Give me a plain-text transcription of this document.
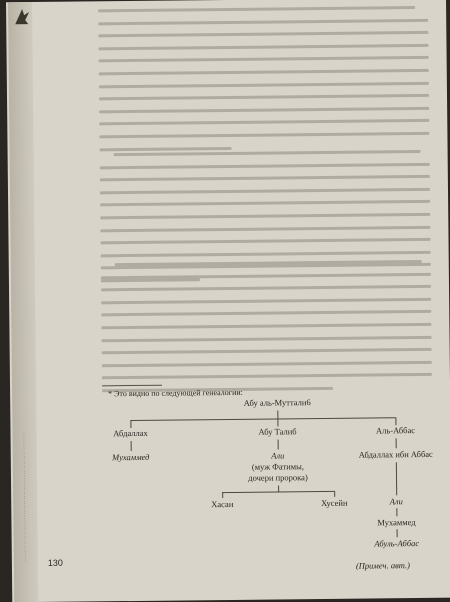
····················································
* Это видно по следующей генеалогии:
Абу аль-Муттали6
Абдаллах	Абу Талиб	Аль-Аббас
Мухаммед	Али
(муж Фатимы,
дочери пророка)
Абдаллах ибн Аббас
Хасан	Хусейн	Али
Мухаммед
Абуль-Аббас
130	(Примеч. авт.)
